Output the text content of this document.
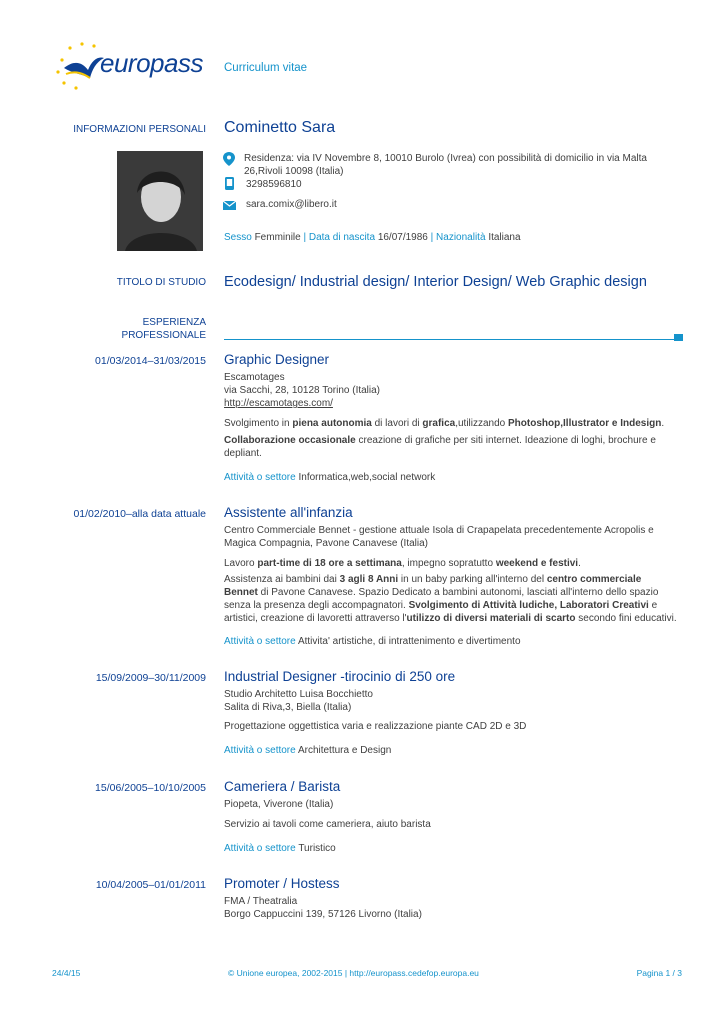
europass Curriculum vitae
INFORMAZIONI PERSONALI Cominetto Sara
Residenza: via IV Novembre 8, 10010 Burolo (Ivrea) con possibilità di domicilio in via Malta
26,Rivoli 10098 (Italia)
3298596810
sara.comix@libero.it
Sesso Femminile | Data di nascita 16/07/1986 | Nazionalità Italiana
TITOLO DI STUDIO Ecodesign/ Industrial design/ Interior Design/ Web Graphic design
ESPERIENZA
PROFESSIONALE
01/03/2014–31/03/2015 Graphic Designer
Escamotages
via Sacchi, 28, 10128 Torino (Italia)
http://escamotages.com/
Svolgimento in piena autonomia di lavori di grafica,utilizzando Photoshop,Illustrator e Indesign.
Collaborazione occasionale creazione di grafiche per siti internet. Ideazione di loghi, brochure e
depliant.
Attività o settore Informatica,web,social network
01/02/2010–alla data attuale Assistente all'infanzia
Centro Commerciale Bennet - gestione attuale Isola di Crapapelata precedentemente Acropolis e
Magica Compagnia, Pavone Canavese (Italia)
Lavoro part-time di 18 ore a settimana, impegno sopratutto weekend e festivi.
Assistenza ai bambini dai 3 agli 8 Anni in un baby parking all'interno del centro commerciale
Bennet di Pavone Canavese. Spazio Dedicato a bambini autonomi, lasciati all'interno dello spazio
senza la presenza degli accompagnatori. Svolgimento di Attività ludiche, Laboratori Creativi e
artistici, creazione di lavoretti attraverso l'utilizzo di diversi materiali di scarto secondo fini educativi.
Attività o settore Attivita' artistiche, di intrattenimento e divertimento
15/09/2009–30/11/2009 Industrial Designer -tirocinio di 250 ore
Studio Architetto Luisa Bocchietto
Salita di Riva,3, Biella (Italia)
Progettazione oggettistica varia e realizzazione piante CAD 2D e 3D
Attività o settore Architettura e Design
15/06/2005–10/10/2005 Cameriera / Barista
Piopeta, Viverone (Italia)
Servizio ai tavoli come cameriera, aiuto barista
Attività o settore Turistico
10/04/2005–01/01/2011 Promoter / Hostess
FMA / Theatralia
Borgo Cappuccini 139, 57126 Livorno (Italia)
24/4/15	© Unione europea, 2002-2015 | http://europass.cedefop.europa.eu	Pagina 1 / 3
